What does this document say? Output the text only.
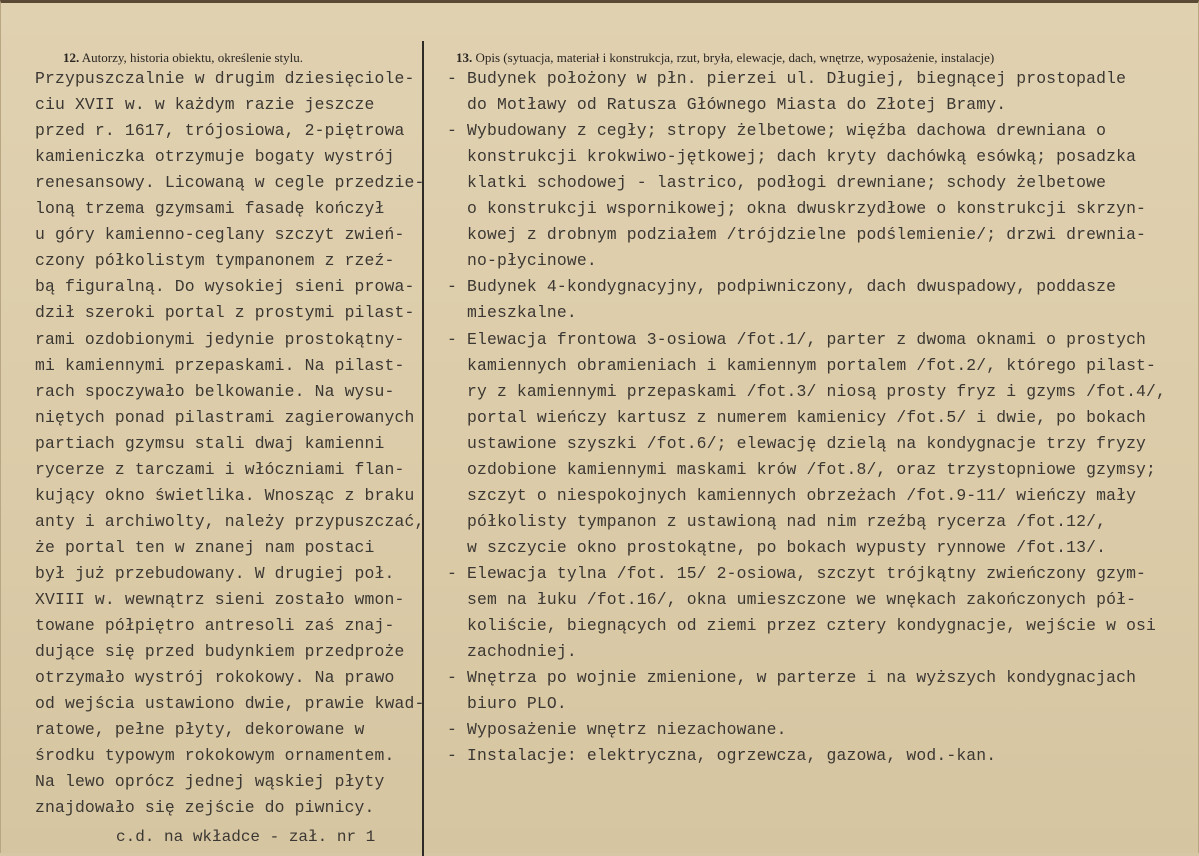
12. Autorzy, historia obiektu, określenie stylu.	13. Opis (sytuacja, materiał i konstrukcja, rzut, bryła, elewacje, dach, wnętrze, wyposażenie, instalacje)
Przypuszczalnie w drugim dziesięciole-
ciu XVII w. w każdym razie jeszcze
przed r. 1617, trójosiowa, 2-piętrowa
kamieniczka otrzymuje bogaty wystrój
renesansowy. Licowaną w cegle przedzie-
loną trzema gzymsami fasadę kończył
u góry kamienno-ceglany szczyt zwień-
czony półkolistym tympanonem z rzeź-
bą figuralną. Do wysokiej sieni prowa-
dził szeroki portal z prostymi pilast-
rami ozdobionymi jedynie prostokątny-
mi kamiennymi przepaskami. Na pilast-
rach spoczywało belkowanie. Na wysu-
niętych ponad pilastrami zagierowanych
partiach gzymsu stali dwaj kamienni
rycerze z tarczami i włóczniami flan-
kujący okno świetlika. Wnosząc z braku
anty i archiwolty, należy przypuszczać,
że portal ten w znanej nam postaci
był już przebudowany. W drugiej poł.
XVIII w. wewnątrz sieni zostało wmon-
towane półpiętro antresoli zaś znaj-
dujące się przed budynkiem przedproże
otrzymało wystrój rokokowy. Na prawo
od wejścia ustawiono dwie, prawie kwad-
ratowe, pełne płyty, dekorowane w
środku typowym rokokowym ornamentem.
Na lewo oprócz jednej wąskiej płyty
znajdowało się zejście do piwnicy.
c.d. na wkładce - zał. nr 1
- Budynek położony w płn. pierzei ul. Długiej, biegnącej prostopadle
do Motławy od Ratusza Głównego Miasta do Złotej Bramy.
- Wybudowany z cegły; stropy żelbetowe; więźba dachowa drewniana o
konstrukcji krokwiwo-jętkowej; dach kryty dachówką esówką; posadzka
klatki schodowej - lastrico, podłogi drewniane; schody żelbetowe
o konstrukcji wspornikowej; okna dwuskrzydłowe o konstrukcji skrzyn-
kowej z drobnym podziałem /trójdzielne podślemienie/; drzwi drewnia-
no-płycinowe.
- Budynek 4-kondygnacyjny, podpiwniczony, dach dwuspadowy, poddasze
mieszkalne.
- Elewacja frontowa 3-osiowa /fot.1/, parter z dwoma oknami o prostych
kamiennych obramieniach i kamiennym portalem /fot.2/, którego pilast-
ry z kamiennymi przepaskami /fot.3/ niosą prosty fryz i gzyms /fot.4/,
portal wieńczy kartusz z numerem kamienicy /fot.5/ i dwie, po bokach
ustawione szyszki /fot.6/; elewację dzielą na kondygnacje trzy fryzy
ozdobione kamiennymi maskami krów /fot.8/, oraz trzystopniowe gzymsy;
szczyt o niespokojnych kamiennych obrzeżach /fot.9-11/ wieńczy mały
półkolisty tympanon z ustawioną nad nim rzeźbą rycerza /fot.12/,
w szczycie okno prostokątne, po bokach wypusty rynnowe /fot.13/.
- Elewacja tylna /fot. 15/ 2-osiowa, szczyt trójkątny zwieńczony gzym-
sem na łuku /fot.16/, okna umieszczone we wnękach zakończonych pół-
koliście, biegnących od ziemi przez cztery kondygnacje, wejście w osi
zachodniej.
- Wnętrza po wojnie zmienione, w parterze i na wyższych kondygnacjach
biuro PLO.
- Wyposażenie wnętrz niezachowane.
- Instalacje: elektryczna, ogrzewcza, gazowa, wod.-kan.
